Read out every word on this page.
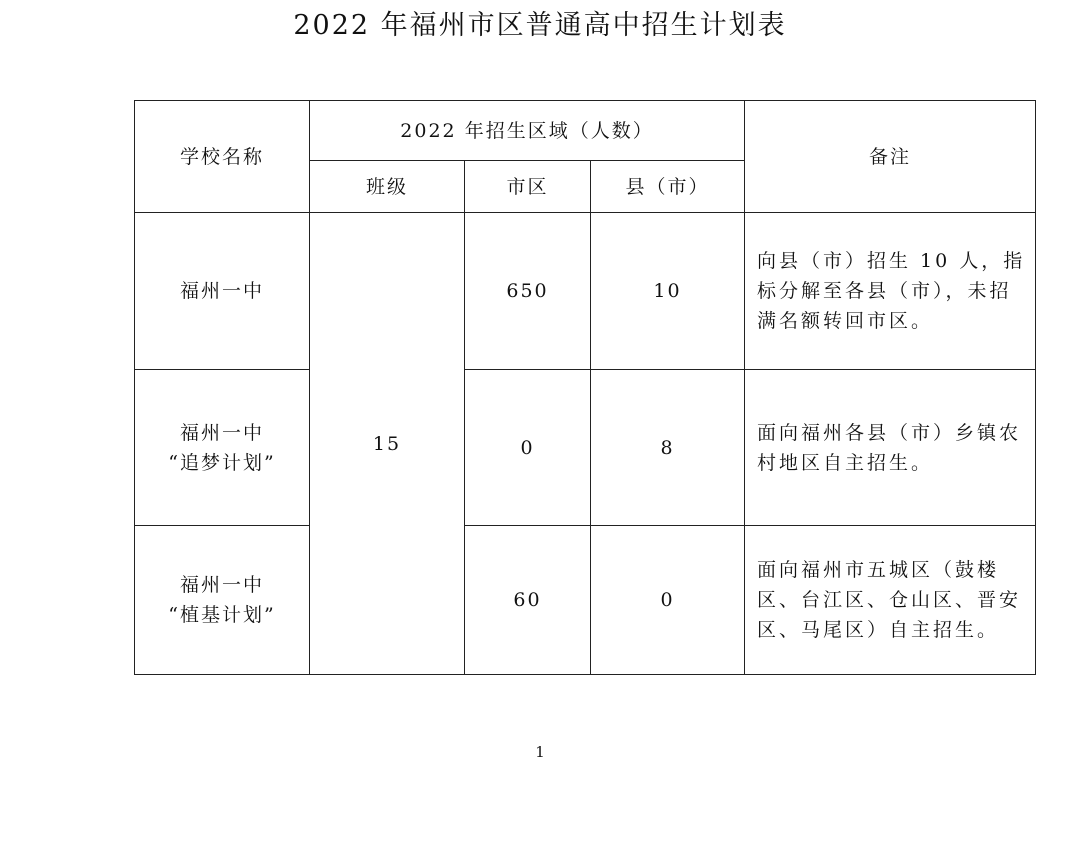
2022 年福州市区普通高中招生计划表
学校名称	2022 年招生区域（人数）			备注
	班级	市区	县（市）	

福州一中	15	650	10	向县（市）招生 10 人，指标分解至各县（市），未招满名额转回市区。

福州一中
“追梦计划”		0	8	面向福州各县（市）乡镇农村地区自主招生。

福州一中
“植基计划”		60	0	面向福州市五城区（鼓楼区、台江区、仓山区、晋安区、马尾区）自主招生。
1
